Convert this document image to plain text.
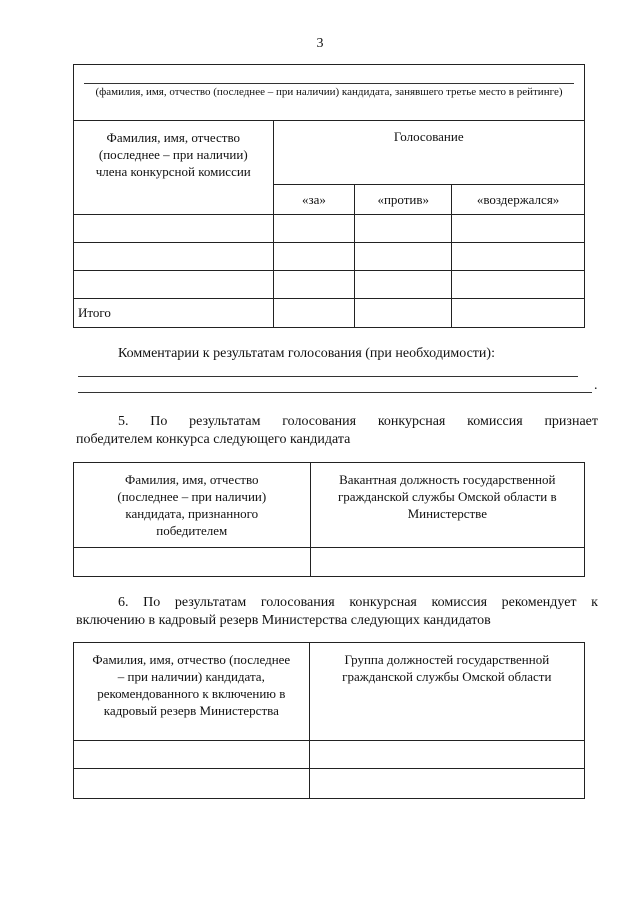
3
(фамилия, имя, отчество (последнее – при наличии) кандидата, занявшего третье место в рейтинге)			

Фамилия, имя, отчество (последнее – при наличии) члена конкурсной комиссии	Голосование		
	«за»	«против»	«воздержался»

Итого			

Комментарии к результатам голосования (при необходимости):

.

5. По результатам голосования конкурсная комиссия признает

победителем конкурса следующего кандидата

Фамилия, имя, отчество (последнее – при наличии) кандидата, признанного победителем	Вакантная должность государственной гражданской службы Омской области в Министерстве

6. По результатам голосования конкурсная комиссия рекомендует к

включению в кадровый резерв Министерства следующих кандидатов

Фамилия, имя, отчество (последнее – при наличии) кандидата, рекомендованного к включению в кадровый резерв Министерства	Группа должностей государственной гражданской службы Омской области
